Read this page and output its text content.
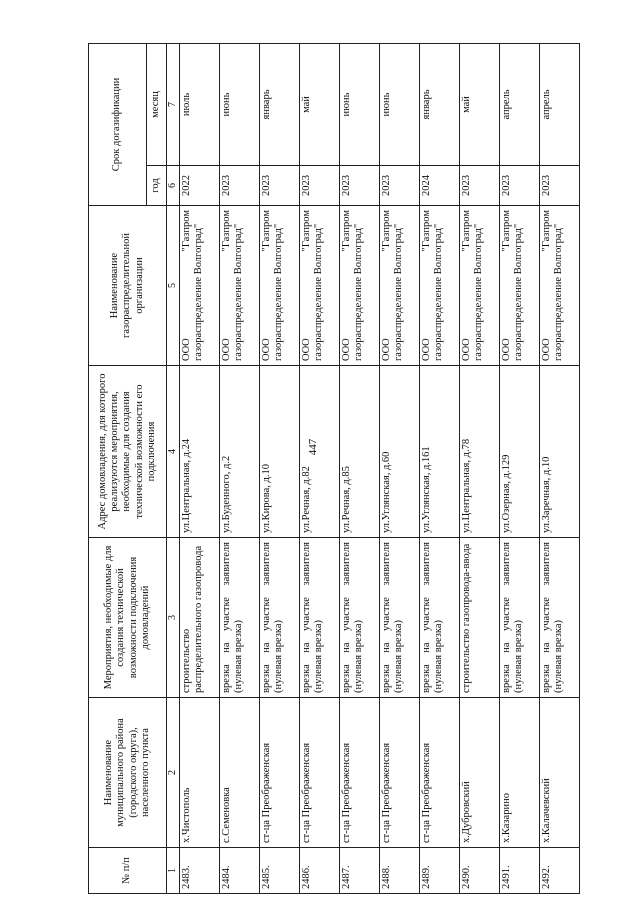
447
№ п/п	Наименование муниципального района (городского округа), населенного пункта	Мероприятия, необходимые для создания технической возможности подключения домовладений	Адрес домовладения, для которого реализуются мероприятия, необходимые для создания технической возможности его подключения	Наименование газораспределительной организации	Срок догазификации	
					год	месяц
1	2	3	4	5	6	7
2483.	х.Чистополь	строительство распределительного газопровода	ул.Центральная, д.24	ООО "Газпром газораспределение Волгоград"	2022	июль
2484.	с.Семеновка	врезка на участке заявителя (нулевая врезка)	ул.Буденного, д.2	ООО "Газпром газораспределение Волгоград"	2023	июнь
2485.	ст-ца Преображенская	врезка на участке заявителя (нулевая врезка)	ул.Кирова, д.10	ООО "Газпром газораспределение Волгоград"	2023	январь
2486.	ст-ца Преображенская	врезка на участке заявителя (нулевая врезка)	ул.Речная, д.82	ООО "Газпром газораспределение Волгоград"	2023	май
2487.	ст-ца Преображенская	врезка на участке заявителя (нулевая врезка)	ул.Речная, д.85	ООО "Газпром газораспределение Волгоград"	2023	июнь
2488.	ст-ца Преображенская	врезка на участке заявителя (нулевая врезка)	ул.Углянская, д.60	ООО "Газпром газораспределение Волгоград"	2023	июнь
2489.	ст-ца Преображенская	врезка на участке заявителя (нулевая врезка)	ул.Углянская, д.161	ООО "Газпром газораспределение Волгоград"	2024	январь
2490.	х.Дубровский	строительство газопровода-ввода	ул.Центральная, д.78	ООО "Газпром газораспределение Волгоград"	2023	май
2491.	х.Казарино	врезка на участке заявителя (нулевая врезка)	ул.Озерная, д.129	ООО "Газпром газораспределение Волгоград"	2023	апрель
2492.	х.Калачевский	врезка на участке заявителя (нулевая врезка)	ул.Заречная, д.10	ООО "Газпром газораспределение Волгоград"	2023	апрель
